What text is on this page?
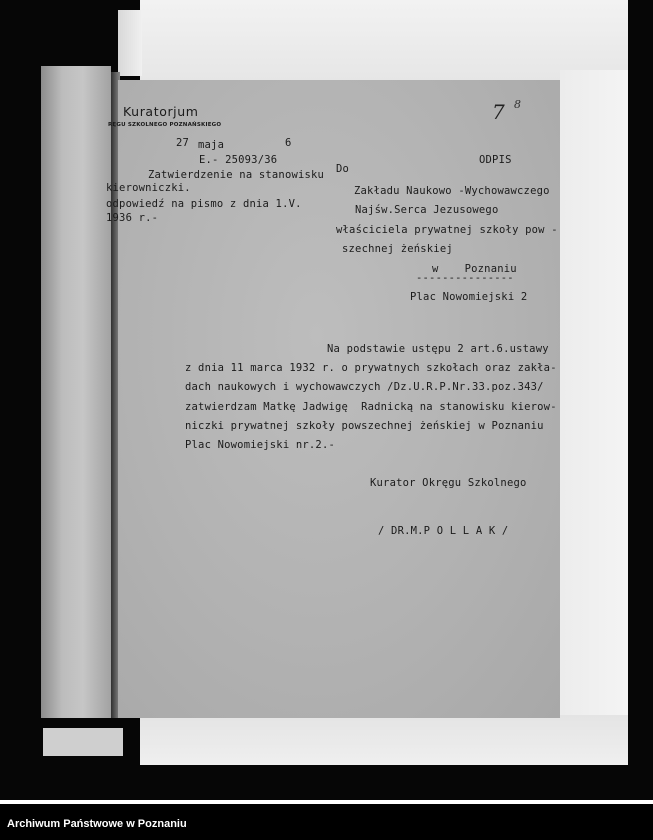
Kuratorjum
RĘGU SZKOLNEGO POZNAŃSKIEGO
27 maja	6
E.- 25093/36
Zatwierdzenie na stanowisku
kierowniczki.
odpowiedź na pismo z dnia 1.V.
1936 r.-
Do
ODPIS
Zakładu Naukowo -Wychowawczego
Najśw.Serca Jezusowego
właściciela prywatnej szkoły pow -
szechnej żeńskiej
w    Poznaniu
---------------
Plac Nowomiejski 2
Na podstawie ustępu 2 art.6.ustawy
z dnia 11 marca 1932 r. o prywatnych szkołach oraz zakła-
dach naukowych i wychowawczych /Dz.U.R.P.Nr.33.poz.343/
zatwierdzam Matkę Jadwigę  Radnicką na stanowisku kierow-
niczki prywatnej szkoły powszechnej żeńskiej w Poznaniu
Plac Nowomiejski nr.2.-
Kurator Okręgu Szkolnego
/ DR.M.P O L L A K /
7 8
Archiwum Państwowe w Poznaniu
